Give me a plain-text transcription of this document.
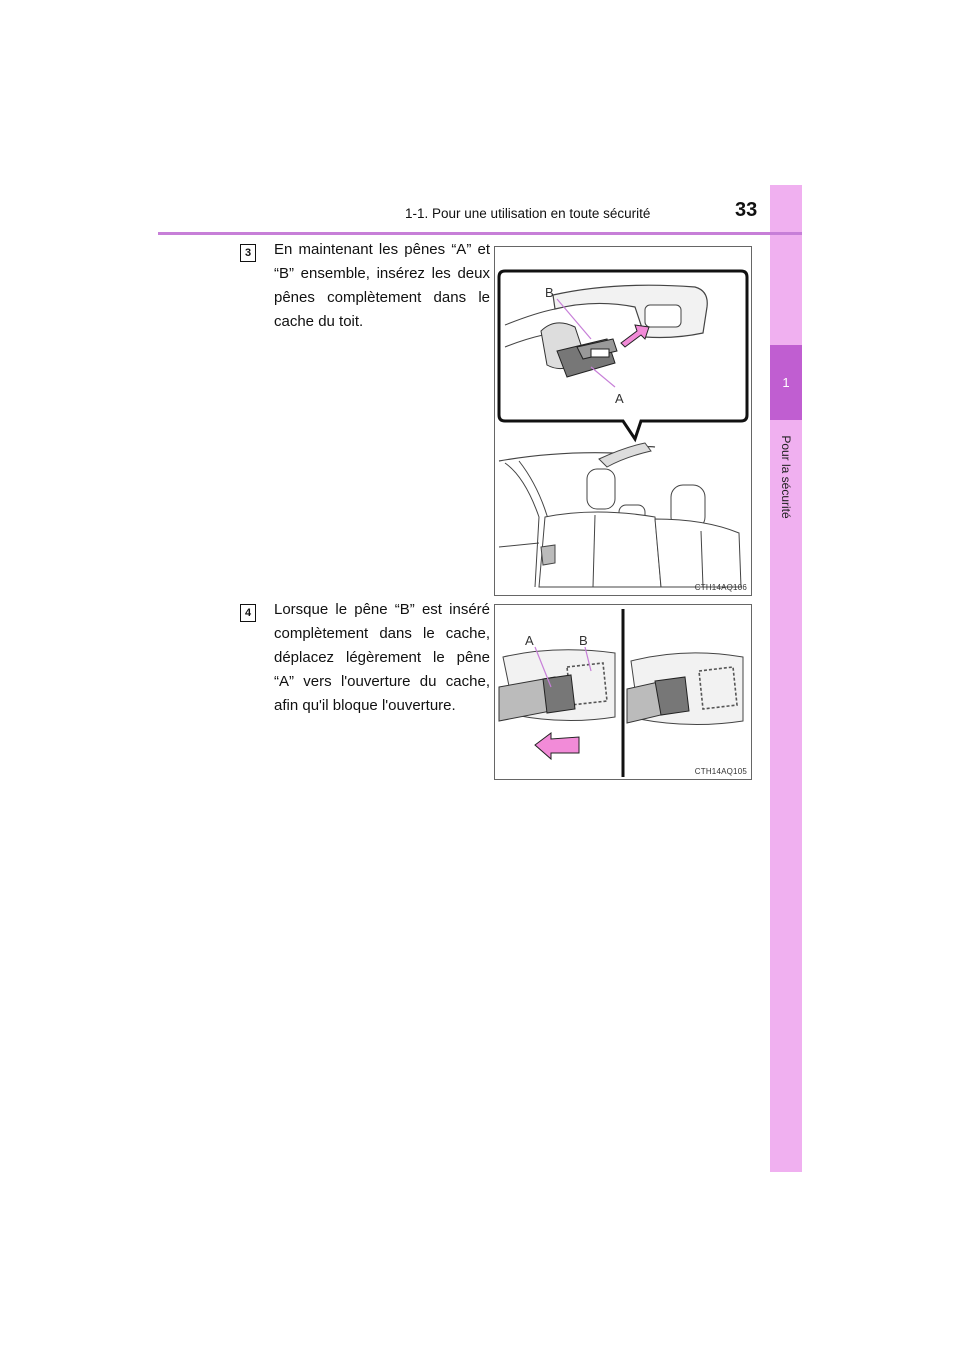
1
Pour la sécurité
1-1. Pour une utilisation en toute sécurité	33
3	En maintenant les pênes “A” et “B” ensemble, insérez les deux pênes complètement dans le cache du toit.
B
A
CTH14AQ106
4	Lorsque le pêne “B” est inséré complètement dans le cache, déplacez légèrement le pêne “A” vers l'ouverture du cache, afin qu'il bloque l'ouverture.
A	B
CTH14AQ105
